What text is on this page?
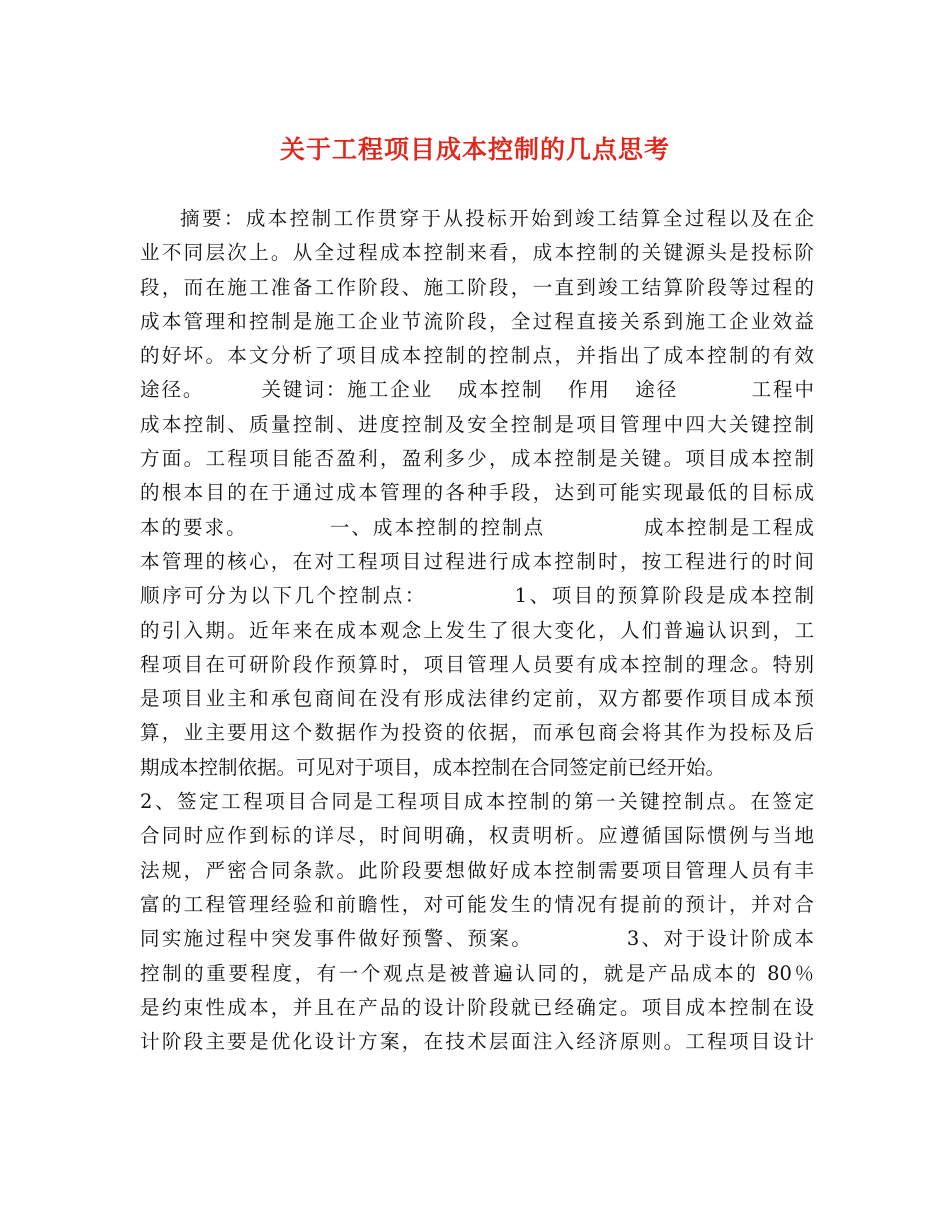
关于工程项目成本控制的几点思考
摘要：成本控制工作贯穿于从投标开始到竣工结算全过程以及在企
业不同层次上。从全过程成本控制来看，成本控制的关键源头是投标阶
段，而在施工准备工作阶段、施工阶段，一直到竣工结算阶段等过程的
成本管理和控制是施工企业节流阶段，全过程直接关系到施工企业效益
的好坏。本文分析了项目成本控制的控制点，并指出了成本控制的有效
途径。       关键词：施工企业   成本控制   作用   途径         工程中
成本控制、质量控制、进度控制及安全控制是项目管理中四大关键控制
方面。工程项目能否盈利，盈利多少，成本控制是关键。项目成本控制
的根本目的在于通过成本管理的各种手段，达到可能实现最低的目标成
本的要求。          一、成本控制的控制点            成本控制是工程成
本管理的核心，在对工程项目过程进行成本控制时，按工程进行的时间
顺序可分为以下几个控制点：          1、项目的预算阶段是成本控制
的引入期。近年来在成本观念上发生了很大变化，人们普遍认识到，工
程项目在可研阶段作预算时，项目管理人员要有成本控制的理念。特别
是项目业主和承包商间在没有形成法律约定前，双方都要作项目成本预
算，业主要用这个数据作为投资的依据，而承包商会将其作为投标及后
期成本控制依据。可见对于项目，成本控制在合同签定前已经开始。
2、签定工程项目合同是工程项目成本控制的第一关键控制点。在签定
合同时应作到标的详尽，时间明确，权责明析。应遵循国际惯例与当地
法规，严密合同条款。此阶段要想做好成本控制需要项目管理人员有丰
富的工程管理经验和前瞻性，对可能发生的情况有提前的预计，并对合
同实施过程中突发事件做好预警、预案。           3、对于设计阶成本
控制的重要程度，有一个观点是被普遍认同的，就是产品成本的 80％
是约束性成本，并且在产品的设计阶段就已经确定。项目成本控制在设
计阶段主要是优化设计方案，在技术层面注入经济原则。工程项目设计
